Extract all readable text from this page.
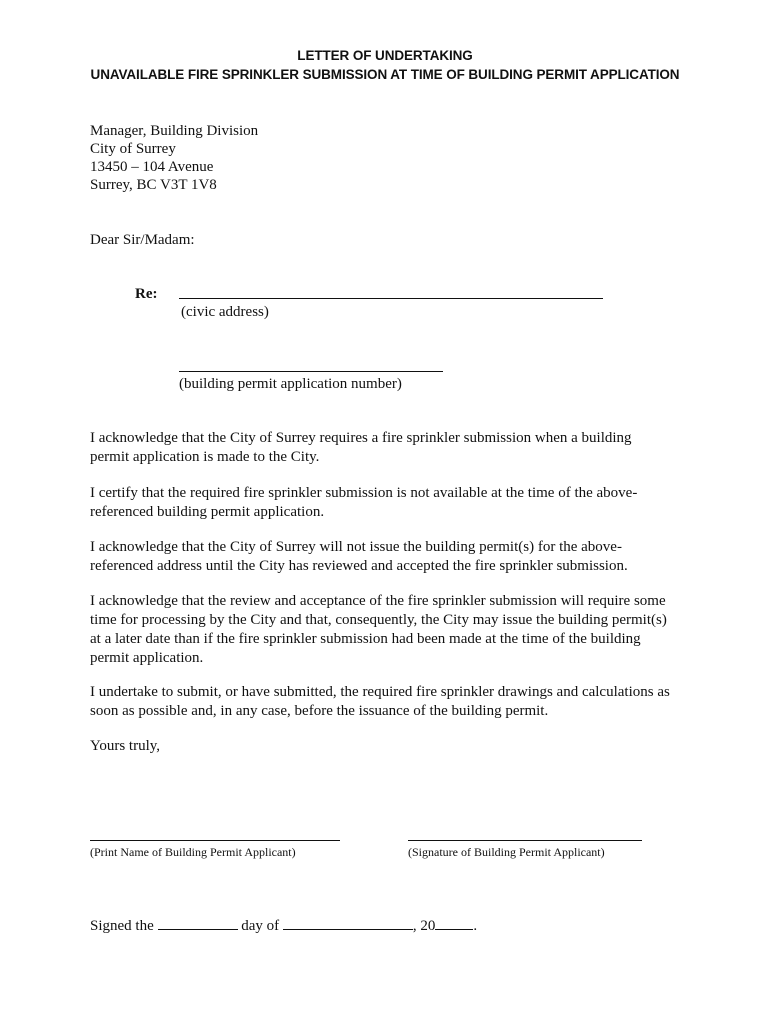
LETTER OF UNDERTAKING
UNAVAILABLE FIRE SPRINKLER SUBMISSION AT TIME OF BUILDING PERMIT APPLICATION
Manager, Building Division
City of Surrey
13450 – 104 Avenue
Surrey, BC V3T 1V8
Dear Sir/Madam:
Re:
(civic address)
(building permit application number)
I acknowledge that the City of Surrey requires a fire sprinkler submission when a building
permit application is made to the City.
I certify that the required fire sprinkler submission is not available at the time of the above-
referenced building permit application.
I acknowledge that the City of Surrey will not issue the building permit(s) for the above-
referenced address until the City has reviewed and accepted the fire sprinkler submission.
I acknowledge that the review and acceptance of the fire sprinkler submission will require some
time for processing by the City and that, consequently, the City may issue the building permit(s)
at a later date than if the fire sprinkler submission had been made at the time of the building
permit application.
I undertake to submit, or have submitted, the required fire sprinkler drawings and calculations as
soon as possible and, in any case, before the issuance of the building permit.
Yours truly,
(Print Name of Building Permit Applicant)	(Signature of Building Permit Applicant)
Signed the	day of	, 20	.
